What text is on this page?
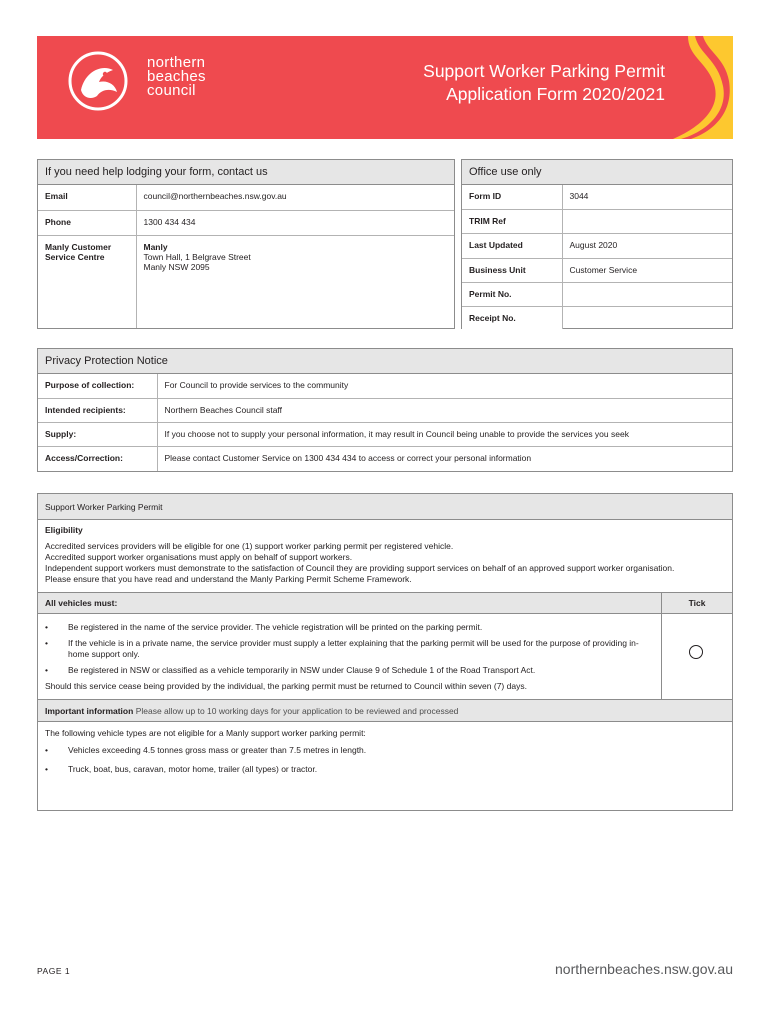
northern
beaches
council
Support Worker Parking Permit
Application Form 2020/2021
If you need help lodging your form, contact us
Email	council@northernbeaches.nsw.gov.au
Phone	1300 434 434
Manly Customer Service Centre	Manly
Town Hall, 1 Belgrave Street
Manly NSW 2095
Office use only
Form ID	3044
TRIM Ref	
Last Updated	August 2020
Business Unit	Customer Service
Permit No.	
Receipt No.	
Privacy Protection Notice
Purpose of collection:	For Council to provide services to the community
Intended recipients:	Northern Beaches Council staff
Supply:	If you choose not to supply your personal information, it may result in Council being unable to provide the services you seek
Access/Correction:	Please contact Customer Service on 1300 434 434 to access or correct your personal information
Support Worker Parking Permit
Eligibility
Accredited services providers will be eligible for one (1) support worker parking permit per registered vehicle.
Accredited support worker organisations must apply on behalf of support workers.
Independent support workers must demonstrate to the satisfaction of Council they are providing support services on behalf of an approved support worker organisation.
Please ensure that you have read and understand the Manly Parking Permit Scheme Framework.
All vehicles must:	Tick
•	Be registered in the name of the service provider. The vehicle registration will be printed on the parking permit.
•	If the vehicle is in a private name, the service provider must supply a letter explaining that the parking permit will be used for the purpose of providing in-home support only.
•	Be registered in NSW or classified as a vehicle temporarily in NSW under Clause 9 of Schedule 1 of the Road Transport Act.
Should this service cease being provided by the individual, the parking permit must be returned to Council within seven (7) days.
Important information Please allow up to 10 working days for your application to be reviewed and processed
The following vehicle types are not eligible for a Manly support worker parking permit:
•	Vehicles exceeding 4.5 tonnes gross mass or greater than 7.5 metres in length.
•	Truck, boat, bus, caravan, motor home, trailer (all types) or tractor.
PAGE 1	northernbeaches.nsw.gov.au
